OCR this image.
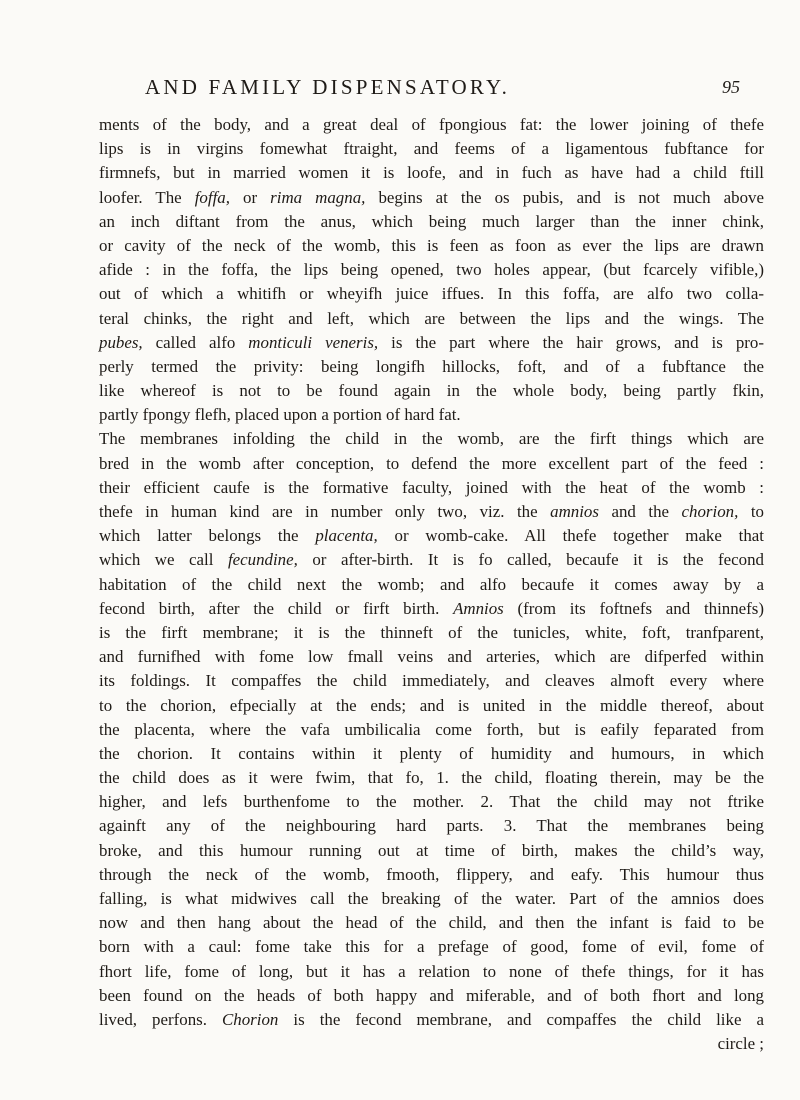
AND FAMILY DISPENSATORY.	95
ments of the body, and a great deal of fpongious fat: the lower joining of thefe
lips is in virgins fomewhat ftraight, and feems of a ligamentous fubftance for
firmnefs, but in married women it is loofe, and in fuch as have had a child ftill
loofer. The foffa, or rima magna, begins at the os pubis, and is not much above
an inch diftant from the anus, which being much larger than the inner chink,
or cavity of the neck of the womb, this is feen as foon as ever the lips are drawn
afide : in the foffa, the lips being opened, two holes appear, (but fcarcely vifible,)
out of which a whitifh or wheyifh juice iffues. In this foffa, are alfo two colla-
teral chinks, the right and left, which are between the lips and the wings. The
pubes, called alfo monticuli veneris, is the part where the hair grows, and is pro-
perly termed the privity: being longifh hillocks, foft, and of a fubftance the
like whereof is not to be found again in the whole body, being partly fkin,
partly fpongy flefh, placed upon a portion of hard fat.
The membranes infolding the child in the womb, are the firft things which are
bred in the womb after conception, to defend the more excellent part of the feed :
their efficient caufe is the formative faculty, joined with the heat of the womb :
thefe in human kind are in number only two, viz. the amnios and the chorion, to
which latter belongs the placenta, or womb-cake. All thefe together make that
which we call fecundine, or after-birth. It is fo called, becaufe it is the fecond
habitation of the child next the womb; and alfo becaufe it comes away by a
fecond birth, after the child or firft birth. Amnios (from its foftnefs and thinnefs)
is the firft membrane; it is the thinneft of the tunicles, white, foft, tranfparent,
and furnifhed with fome low fmall veins and arteries, which are difperfed within
its foldings. It compaffes the child immediately, and cleaves almoft every where
to the chorion, efpecially at the ends; and is united in the middle thereof, about
the placenta, where the vafa umbilicalia come forth, but is eafily feparated from
the chorion. It contains within it plenty of humidity and humours, in which
the child does as it were fwim, that fo, 1. the child, floating therein, may be the
higher, and lefs burthenfome to the mother. 2. That the child may not ftrike
againft any of the neighbouring hard parts. 3. That the membranes being
broke, and this humour running out at time of birth, makes the child’s way,
through the neck of the womb, fmooth, flippery, and eafy. This humour thus
falling, is what midwives call the breaking of the water. Part of the amnios does
now and then hang about the head of the child, and then the infant is faid to be
born with a caul: fome take this for a prefage of good, fome of evil, fome of
fhort life, fome of long, but it has a relation to none of thefe things, for it has
been found on the heads of both happy and miferable, and of both fhort and long
lived, perfons. Chorion is the fecond membrane, and compaffes the child like a
circle ;
